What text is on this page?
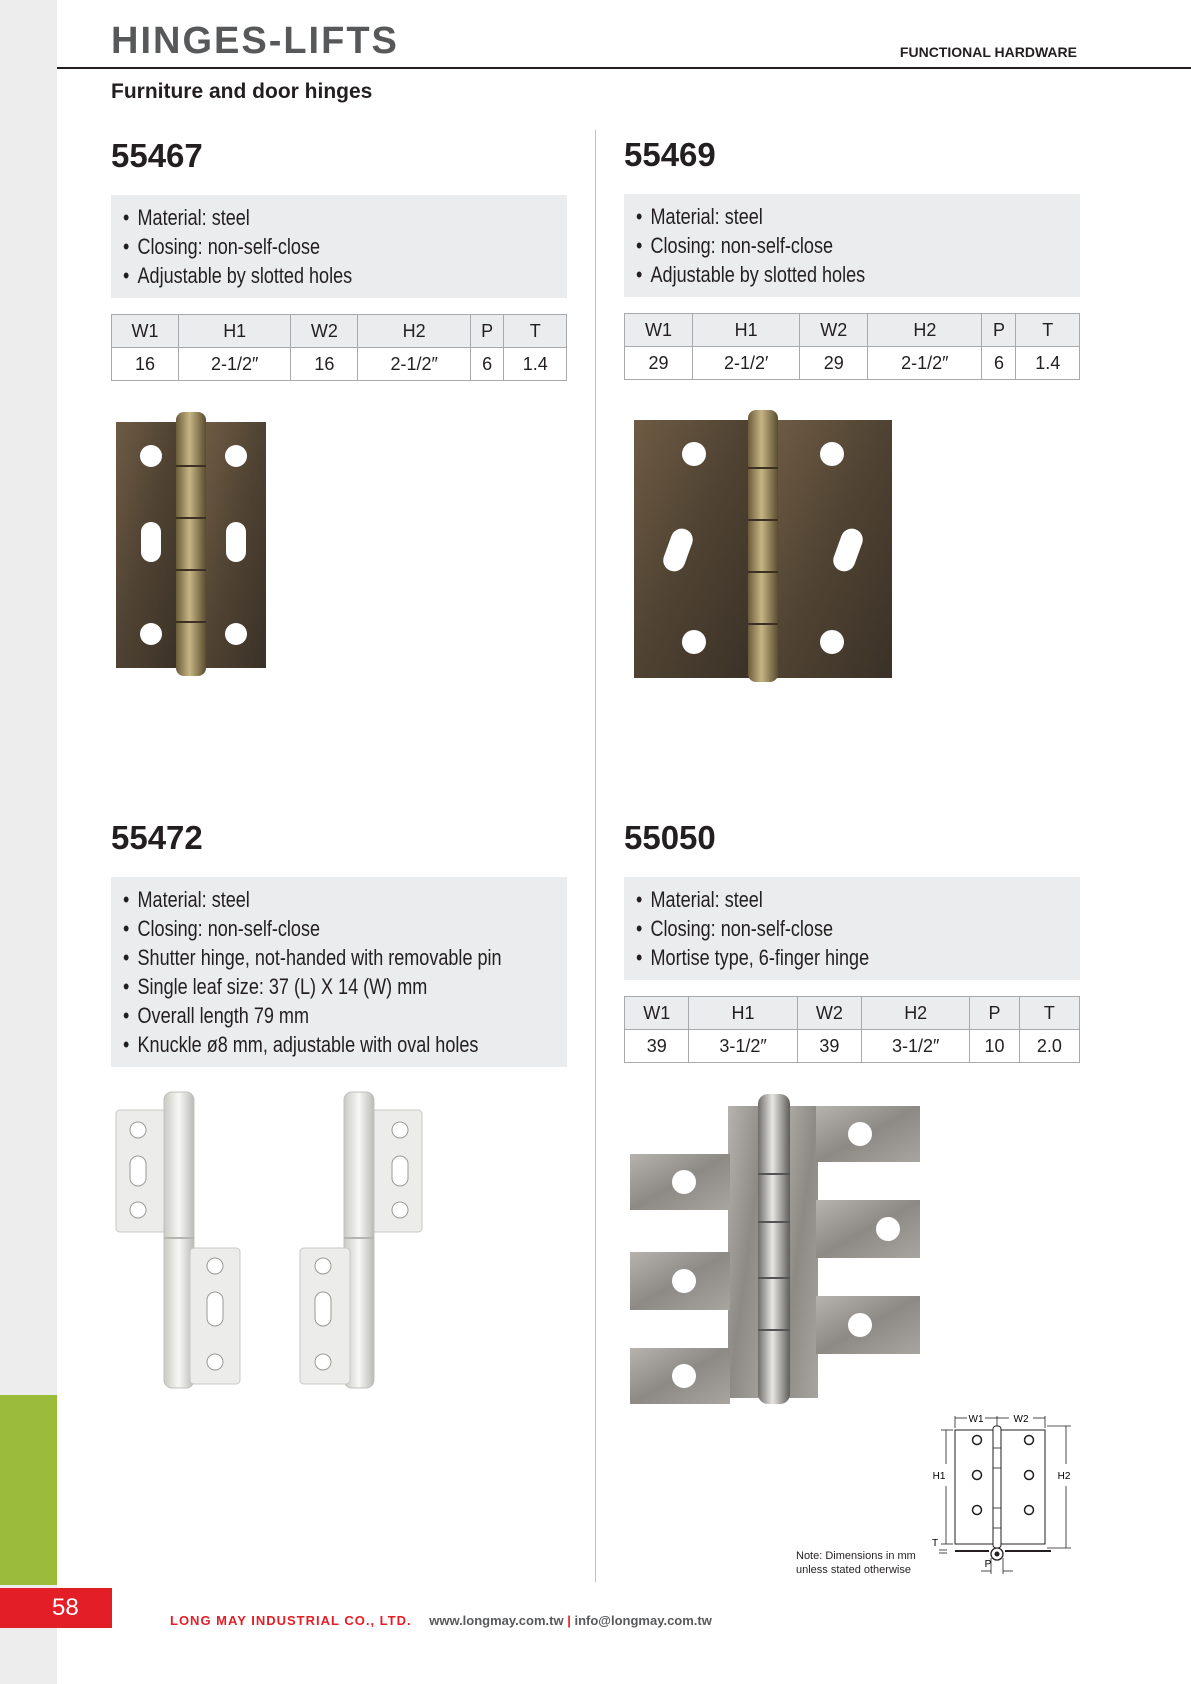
58
HINGES-LIFTS	FUNCTIONAL HARDWARE
Furniture and door hinges
55467
• Material: steel
• Closing: non-self-close
• Adjustable by slotted holes
W1	H1	W2	H2	P	T
16	2-1/2″	16	2-1/2″	6	1.4
55469
• Material: steel
• Closing: non-self-close
• Adjustable by slotted holes
W1	H1	W2	H2	P	T
29	2-1/2′	29	2-1/2″	6	1.4
55472
• Material: steel
• Closing: non-self-close
• Shutter hinge, not-handed with removable pin
• Single leaf size: 37 (L) X 14 (W) mm
• Overall length 79 mm
• Knuckle ø8 mm, adjustable with oval holes
55050
• Material: steel
• Closing: non-self-close
• Mortise type, 6-finger hinge
W1	H1	W2	H2	P	T
39	3-1/2″	39	3-1/2″	10	2.0
W1	W2
H1	H2
T
P
Note: Dimensions in mm
unless stated otherwise
LONG MAY INDUSTRIAL CO., LTD. www.longmay.com.tw | info@longmay.com.tw
